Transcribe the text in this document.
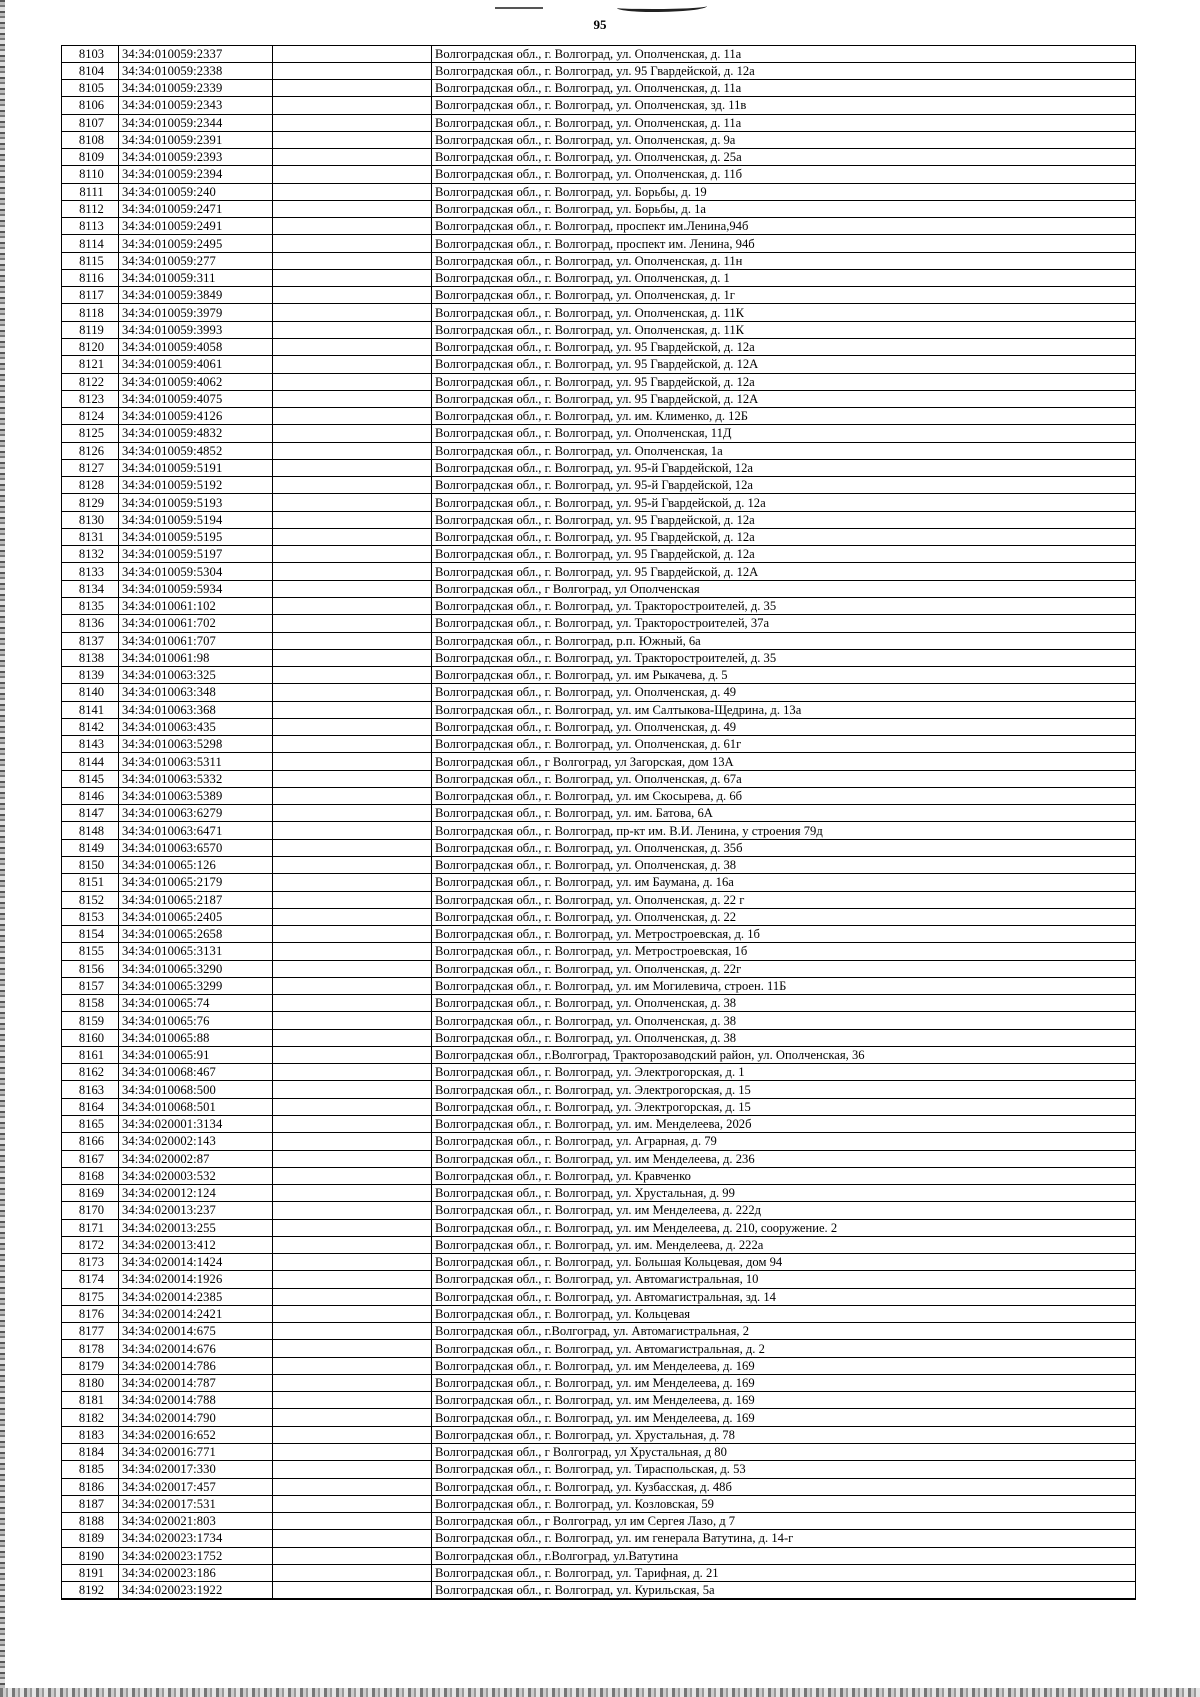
95
8103	34:34:010059:2337		Волгоградская обл., г. Волгоград, ул. Ополченская, д. 11а
8104	34:34:010059:2338		Волгоградская обл., г. Волгоград, ул. 95 Гвардейской, д. 12а
8105	34:34:010059:2339		Волгоградская обл., г. Волгоград, ул. Ополченская, д. 11а
8106	34:34:010059:2343		Волгоградская обл., г. Волгоград, ул. Ополченская, зд. 11в
8107	34:34:010059:2344		Волгоградская обл., г. Волгоград, ул. Ополченская, д. 11а
8108	34:34:010059:2391		Волгоградская обл., г. Волгоград, ул. Ополченская, д. 9а
8109	34:34:010059:2393		Волгоградская обл., г. Волгоград, ул. Ополченская, д. 25а
8110	34:34:010059:2394		Волгоградская обл., г. Волгоград, ул. Ополченская, д. 11б
8111	34:34:010059:240		Волгоградская обл., г. Волгоград, ул. Борьбы, д. 19
8112	34:34:010059:2471		Волгоградская обл., г. Волгоград, ул. Борьбы, д. 1а
8113	34:34:010059:2491		Волгоградская обл., г. Волгоград, проспект им.Ленина,94б
8114	34:34:010059:2495		Волгоградская обл., г. Волгоград, проспект им. Ленина, 94б
8115	34:34:010059:277		Волгоградская обл., г. Волгоград, ул. Ополченская, д. 11н
8116	34:34:010059:311		Волгоградская обл., г. Волгоград, ул. Ополченская, д. 1
8117	34:34:010059:3849		Волгоградская обл., г. Волгоград, ул. Ополченская, д. 1г
8118	34:34:010059:3979		Волгоградская обл., г. Волгоград, ул. Ополченская, д. 11К
8119	34:34:010059:3993		Волгоградская обл., г. Волгоград, ул. Ополченская, д. 11К
8120	34:34:010059:4058		Волгоградская обл., г. Волгоград, ул. 95 Гвардейской, д. 12а
8121	34:34:010059:4061		Волгоградская обл., г. Волгоград, ул. 95 Гвардейской, д. 12А
8122	34:34:010059:4062		Волгоградская обл., г. Волгоград, ул. 95 Гвардейской, д. 12а
8123	34:34:010059:4075		Волгоградская обл., г. Волгоград, ул. 95 Гвардейской, д. 12А
8124	34:34:010059:4126		Волгоградская обл., г. Волгоград, ул. им. Клименко, д. 12Б
8125	34:34:010059:4832		Волгоградская обл., г. Волгоград, ул. Ополченская, 11Д
8126	34:34:010059:4852		Волгоградская обл., г. Волгоград, ул. Ополченская, 1а
8127	34:34:010059:5191		Волгоградская обл., г. Волгоград, ул. 95-й Гвардейской, 12а
8128	34:34:010059:5192		Волгоградская обл., г. Волгоград, ул. 95-й Гвардейской, 12а
8129	34:34:010059:5193		Волгоградская обл., г. Волгоград, ул. 95-й Гвардейской, д. 12а
8130	34:34:010059:5194		Волгоградская обл., г. Волгоград, ул. 95 Гвардейской, д. 12а
8131	34:34:010059:5195		Волгоградская обл., г. Волгоград, ул. 95 Гвардейской, д. 12а
8132	34:34:010059:5197		Волгоградская обл., г. Волгоград, ул. 95 Гвардейской, д. 12а
8133	34:34:010059:5304		Волгоградская обл., г. Волгоград, ул. 95 Гвардейской, д. 12А
8134	34:34:010059:5934		Волгоградская обл., г Волгоград, ул Ополченская
8135	34:34:010061:102		Волгоградская обл., г. Волгоград, ул. Тракторостроителей, д. 35
8136	34:34:010061:702		Волгоградская обл., г. Волгоград, ул. Тракторостроителей, 37а
8137	34:34:010061:707		Волгоградская обл., г. Волгоград, р.п. Южный, 6а
8138	34:34:010061:98		Волгоградская обл., г. Волгоград, ул. Тракторостроителей, д. 35
8139	34:34:010063:325		Волгоградская обл., г. Волгоград, ул. им Рыкачева, д. 5
8140	34:34:010063:348		Волгоградская обл., г. Волгоград, ул. Ополченская, д. 49
8141	34:34:010063:368		Волгоградская обл., г. Волгоград, ул. им Салтыкова-Щедрина, д. 13а
8142	34:34:010063:435		Волгоградская обл., г. Волгоград, ул. Ополченская, д. 49
8143	34:34:010063:5298		Волгоградская обл., г. Волгоград, ул. Ополченская, д. 61г
8144	34:34:010063:5311		Волгоградская обл., г Волгоград, ул Загорская, дом 13А
8145	34:34:010063:5332		Волгоградская обл., г. Волгоград, ул. Ополченская, д. 67а
8146	34:34:010063:5389		Волгоградская обл., г. Волгоград, ул. им Скосырева, д. 6б
8147	34:34:010063:6279		Волгоградская обл., г. Волгоград, ул. им. Батова, 6А
8148	34:34:010063:6471		Волгоградская обл., г. Волгоград, пр-кт им. В.И. Ленина, у строения 79д
8149	34:34:010063:6570		Волгоградская обл., г. Волгоград, ул. Ополченская, д. 35б
8150	34:34:010065:126		Волгоградская обл., г. Волгоград, ул. Ополченская, д. 38
8151	34:34:010065:2179		Волгоградская обл., г. Волгоград, ул. им Баумана, д. 16а
8152	34:34:010065:2187		Волгоградская обл., г. Волгоград, ул. Ополченская, д. 22 г
8153	34:34:010065:2405		Волгоградская обл., г. Волгоград, ул. Ополченская, д. 22
8154	34:34:010065:2658		Волгоградская обл., г. Волгоград, ул. Метростроевская, д. 1б
8155	34:34:010065:3131		Волгоградская обл., г. Волгоград, ул. Метростроевская, 1б
8156	34:34:010065:3290		Волгоградская обл., г. Волгоград, ул. Ополченская, д. 22г
8157	34:34:010065:3299		Волгоградская обл., г. Волгоград, ул. им Могилевича, строен. 11Б
8158	34:34:010065:74		Волгоградская обл., г. Волгоград, ул. Ополченская, д. 38
8159	34:34:010065:76		Волгоградская обл., г. Волгоград, ул. Ополченская, д. 38
8160	34:34:010065:88		Волгоградская обл., г. Волгоград, ул. Ополченская, д. 38
8161	34:34:010065:91		Волгоградская обл., г.Волгоград, Тракторозаводский район, ул. Ополченская, 36
8162	34:34:010068:467		Волгоградская обл., г. Волгоград, ул. Электрогорская, д. 1
8163	34:34:010068:500		Волгоградская обл., г. Волгоград, ул. Электрогорская, д. 15
8164	34:34:010068:501		Волгоградская обл., г. Волгоград, ул. Электрогорская, д. 15
8165	34:34:020001:3134		Волгоградская обл., г. Волгоград, ул. им. Менделеева, 202б
8166	34:34:020002:143		Волгоградская обл., г. Волгоград, ул. Аграрная, д. 79
8167	34:34:020002:87		Волгоградская обл., г. Волгоград, ул. им Менделеева, д. 236
8168	34:34:020003:532		Волгоградская обл., г. Волгоград, ул. Кравченко
8169	34:34:020012:124		Волгоградская обл., г. Волгоград, ул. Хрустальная, д. 99
8170	34:34:020013:237		Волгоградская обл., г. Волгоград, ул. им Менделеева, д. 222д
8171	34:34:020013:255		Волгоградская обл., г. Волгоград, ул. им Менделеева, д. 210, сооружение. 2
8172	34:34:020013:412		Волгоградская обл., г. Волгоград, ул. им. Менделеева, д. 222а
8173	34:34:020014:1424		Волгоградская обл., г. Волгоград, ул. Большая Кольцевая, дом 94
8174	34:34:020014:1926		Волгоградская обл., г. Волгоград, ул. Автомагистральная, 10
8175	34:34:020014:2385		Волгоградская обл., г. Волгоград, ул. Автомагистральная, зд. 14
8176	34:34:020014:2421		Волгоградская обл., г. Волгоград, ул. Кольцевая
8177	34:34:020014:675		Волгоградская обл., г.Волгоград, ул. Автомагистральная, 2
8178	34:34:020014:676		Волгоградская обл., г. Волгоград, ул. Автомагистральная, д. 2
8179	34:34:020014:786		Волгоградская обл., г. Волгоград, ул. им Менделеева, д. 169
8180	34:34:020014:787		Волгоградская обл., г. Волгоград, ул. им Менделеева, д. 169
8181	34:34:020014:788		Волгоградская обл., г. Волгоград, ул. им Менделеева, д. 169
8182	34:34:020014:790		Волгоградская обл., г. Волгоград, ул. им Менделеева, д. 169
8183	34:34:020016:652		Волгоградская обл., г. Волгоград, ул. Хрустальная, д. 78
8184	34:34:020016:771		Волгоградская обл., г Волгоград, ул Хрустальная, д 80
8185	34:34:020017:330		Волгоградская обл., г. Волгоград, ул. Тираспольская, д. 53
8186	34:34:020017:457		Волгоградская обл., г. Волгоград, ул. Кузбасская, д. 48б
8187	34:34:020017:531		Волгоградская обл., г. Волгоград, ул. Козловская, 59
8188	34:34:020021:803		Волгоградская обл., г Волгоград, ул им Сергея Лазо, д 7
8189	34:34:020023:1734		Волгоградская обл., г. Волгоград, ул. им генерала Ватутина, д. 14-г
8190	34:34:020023:1752		Волгоградская обл., г.Волгоград, ул.Ватутина
8191	34:34:020023:186		Волгоградская обл., г. Волгоград, ул. Тарифная, д. 21
8192	34:34:020023:1922		Волгоградская обл., г. Волгоград, ул. Курильская, 5а
